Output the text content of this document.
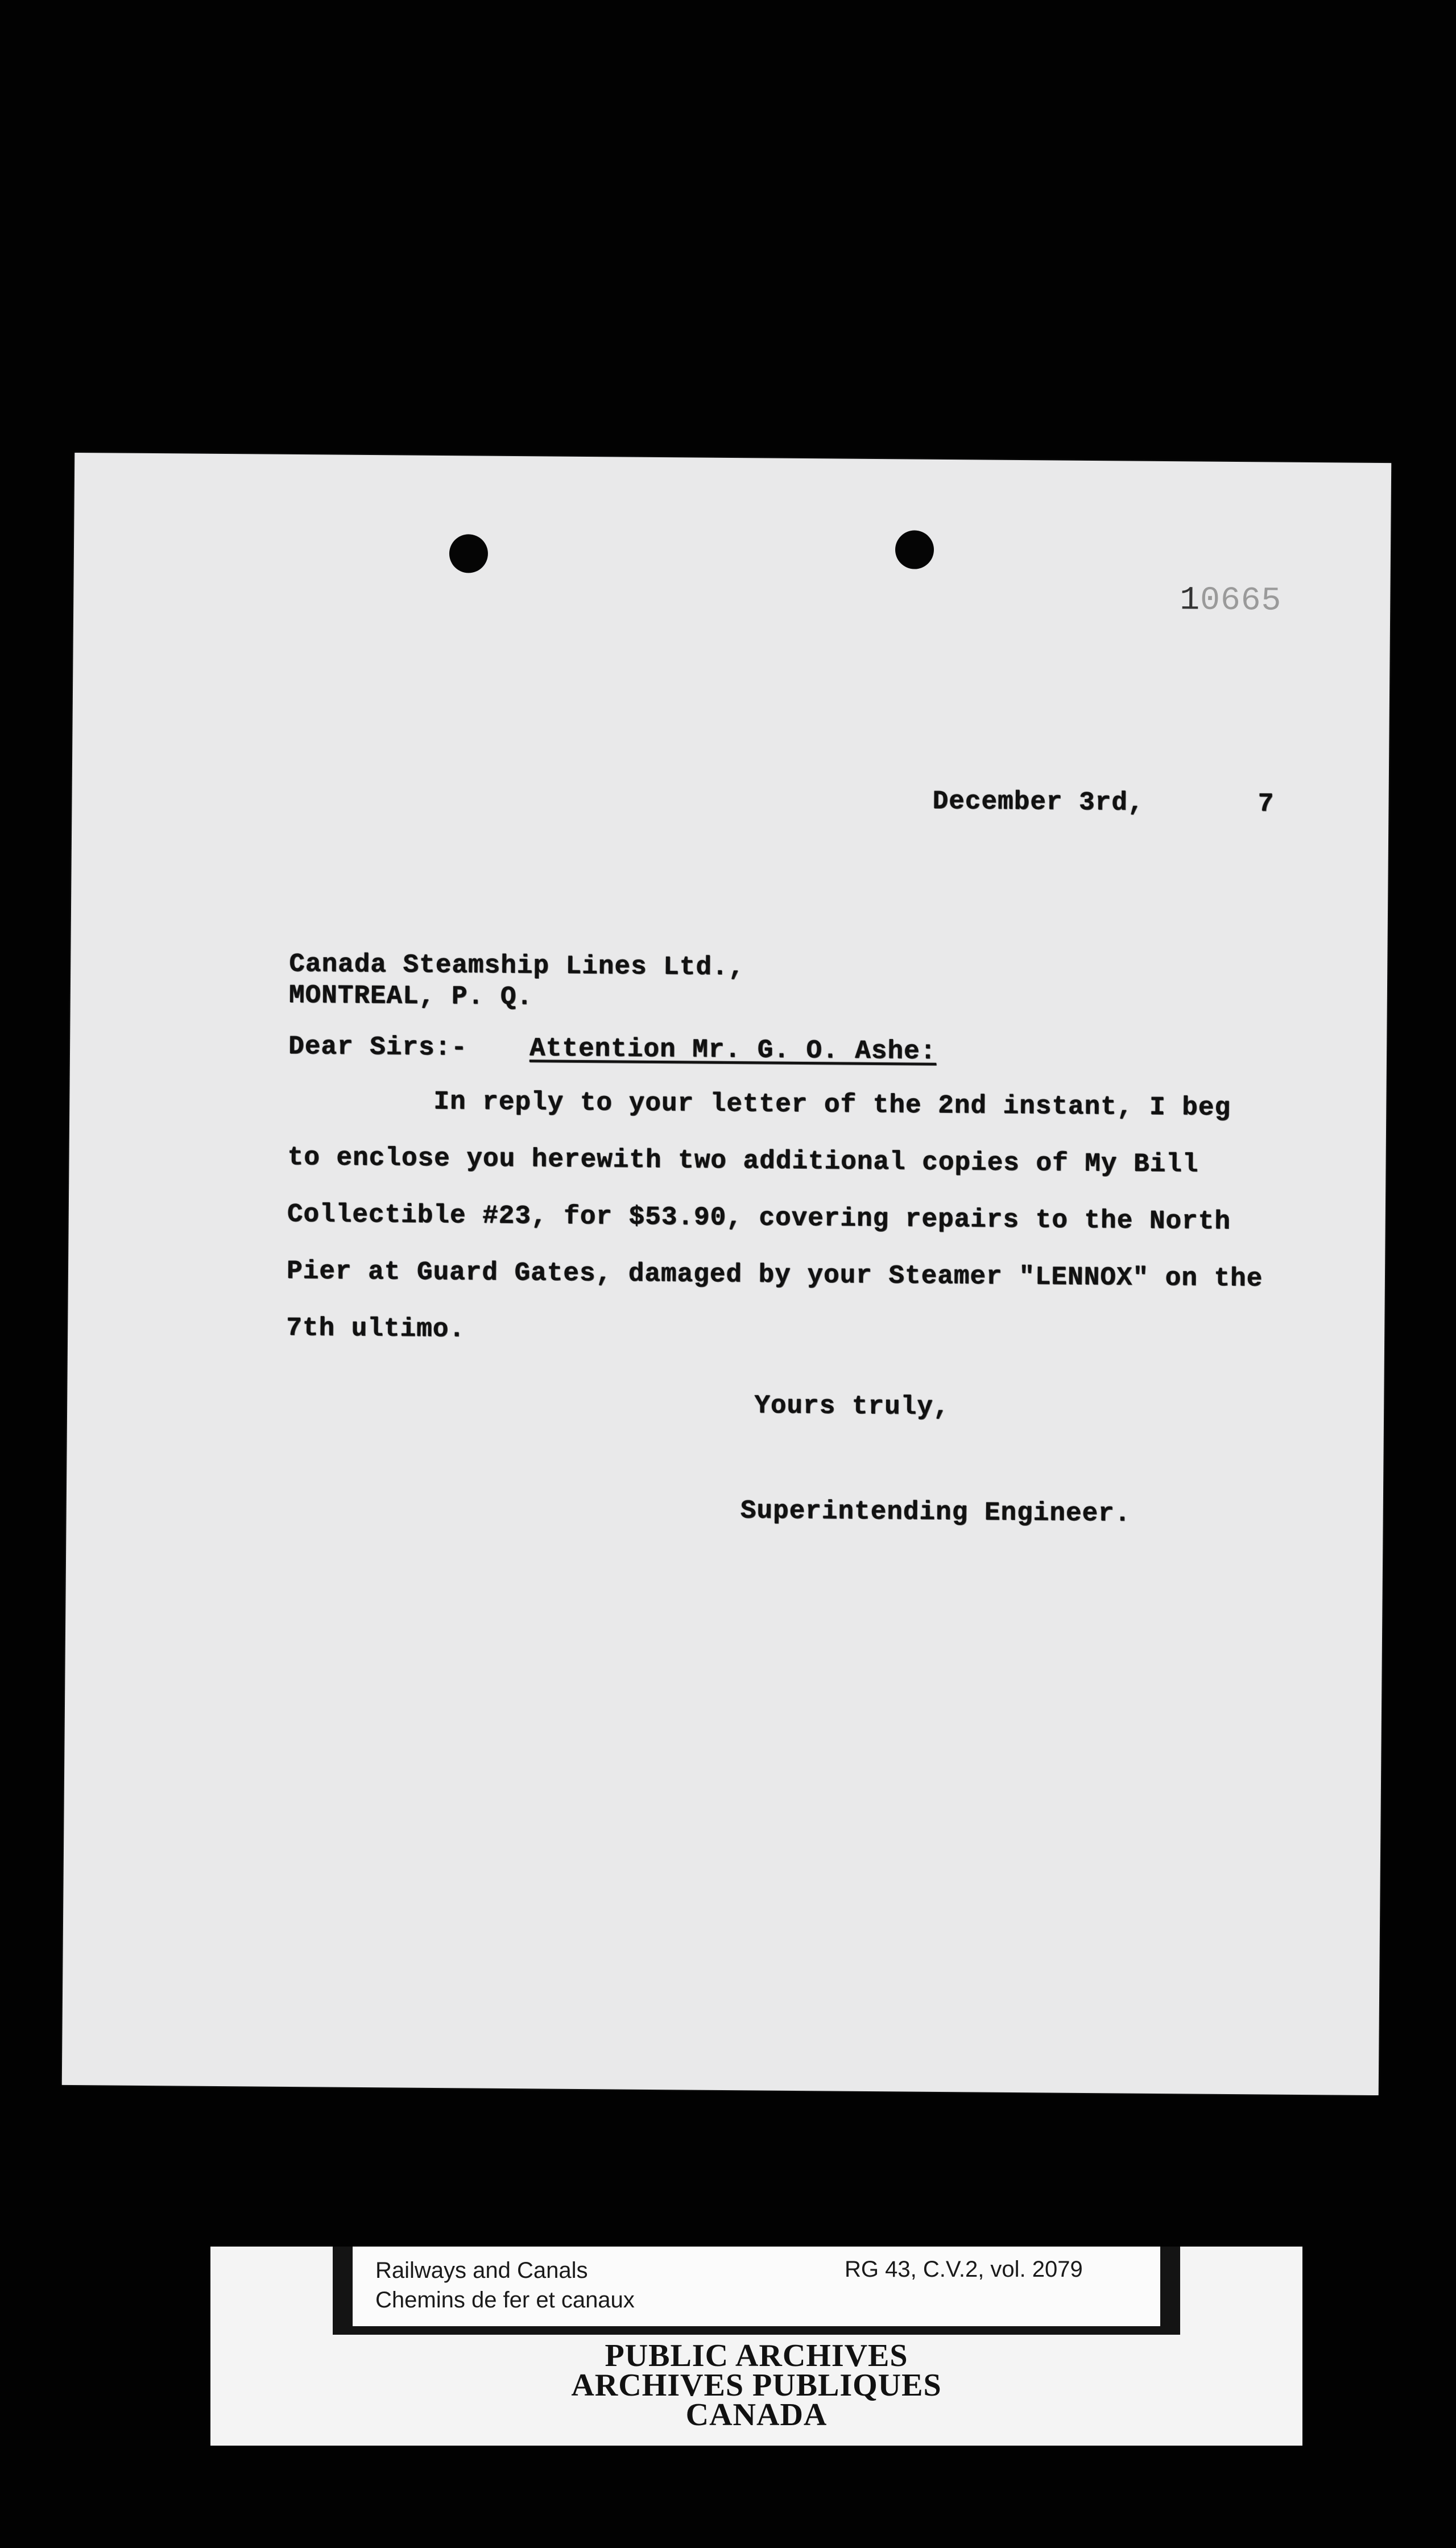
10665
December 3rd,	7
Canada Steamship Lines Ltd.,
MONTREAL, P. Q.
Dear Sirs:- Attention Mr. G. O. Ashe:
In reply to your letter of the 2nd instant, I beg
to enclose you herewith two additional copies of My Bill
Collectible #23, for $53.90, covering repairs to the North
Pier at Guard Gates, damaged by your Steamer "LENNOX" on the
7th ultimo.
Yours truly,
Superintending Engineer.
Railways and Canals
Chemins de fer et canaux
RG 43, C.V.2, vol. 2079
PUBLIC ARCHIVES
ARCHIVES PUBLIQUES
CANADA
